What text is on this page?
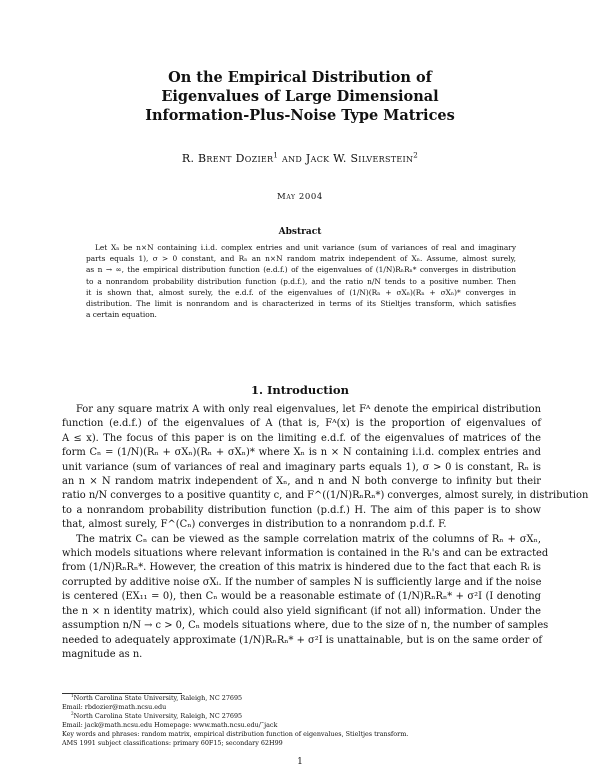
On the Empirical Distribution of
Eigenvalues of Large Dimensional
Information-Plus-Noise Type Matrices
R. Brent Dozier$^1$ and Jack W. Silverstein$^2$
May 2004
Abstract
Let Xₙ be n×N containing i.i.d. complex entries and unit variance (sum of variances of real and imaginary
parts equals 1), σ > 0 constant, and Rₙ an n×N random matrix independent of Xₙ. Assume, almost surely,
as n → ∞, the empirical distribution function (e.d.f.) of the eigenvalues of (1/N)RₙRₙ* converges in distribution
to a nonrandom probability distribution function (p.d.f.), and the ratio n/N tends to a positive number. Then
it is shown that, almost surely, the e.d.f. of the eigenvalues of (1/N)(Rₙ + σXₙ)(Rₙ + σXₙ)* converges in
distribution. The limit is nonrandom and is characterized in terms of its Stieltjes transform, which satisfies
a certain equation.
1. Introduction
For any square matrix A with only real eigenvalues, let Fᴬ denote the empirical distribution
function (e.d.f.) of the eigenvalues of A (that is, Fᴬ(x) is the proportion of eigenvalues of
A ≤ x). The focus of this paper is on the limiting e.d.f. of the eigenvalues of matrices of the
form Cₙ = (1/N)(Rₙ + σXₙ)(Rₙ + σXₙ)* where Xₙ is n × N containing i.i.d. complex entries and
unit variance (sum of variances of real and imaginary parts equals 1), σ > 0 is constant, Rₙ is
an n × N random matrix independent of Xₙ, and n and N both converge to infinity but their
ratio n/N converges to a positive quantity c, and F^((1/N)RₙRₙ*) converges, almost surely, in distribution
to a nonrandom probability distribution function (p.d.f.) H. The aim of this paper is to show
that, almost surely, F^(Cₙ) converges in distribution to a nonrandom p.d.f. F.
The matrix Cₙ can be viewed as the sample correlation matrix of the columns of Rₙ + σXₙ,
which models situations where relevant information is contained in the Rᵢ's and can be extracted
from (1/N)RₙRₙ*. However, the creation of this matrix is hindered due to the fact that each Rᵢ is
corrupted by additive noise σXᵢ. If the number of samples N is sufficiently large and if the noise
is centered (EX₁₁ = 0), then Cₙ would be a reasonable estimate of (1/N)RₙRₙ* + σ²I (I denoting
the n × n identity matrix), which could also yield significant (if not all) information. Under the
assumption n/N → c > 0, Cₙ models situations where, due to the size of n, the number of samples
needed to adequately approximate (1/N)RₙRₙ* + σ²I is unattainable, but is on the same order of
magnitude as n.
$^1$North Carolina State University, Raleigh, NC 27695
Email: rbdozier@math.ncsu.edu
$^2$North Carolina State University, Raleigh, NC 27695
Email: jack@math.ncsu.edu Homepage: www.math.ncsu.edu/˜jack
Key words and phrases: random matrix, empirical distribution function of eigenvalues, Stieltjes transform.
AMS 1991 subject classifications: primary 60F15; secondary 62H99
1
